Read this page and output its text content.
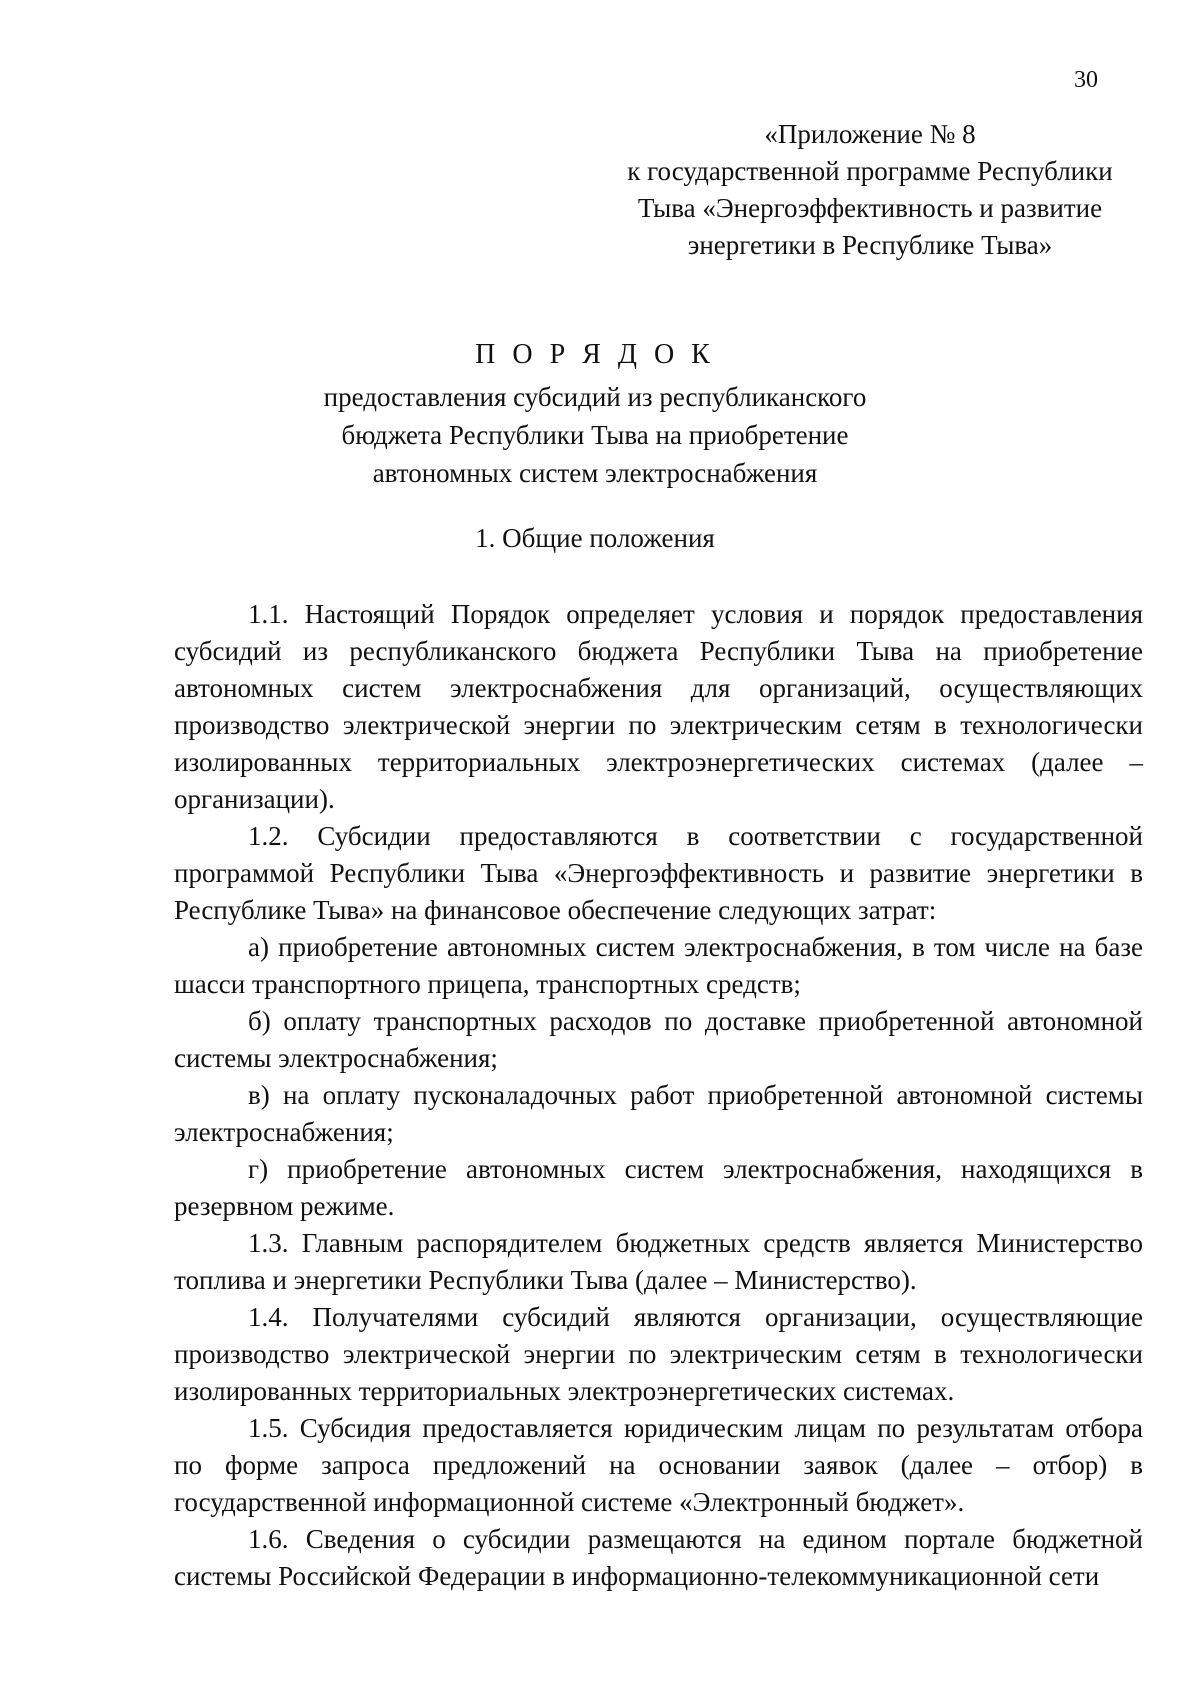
30
«Приложение № 8
к государственной программе Республики
Тыва «Энергоэффективность и развитие
энергетики в Республике Тыва»
П О Р Я Д О К
предоставления субсидий из республиканского
бюджета Республики Тыва на приобретение
автономных систем электроснабжения
1. Общие положения

1.1. Настоящий Порядок определяет условия и порядок предоставления субсидий из республиканского бюджета Республики Тыва на приобретение автономных систем электроснабжения для организаций, осуществляющих производство электрической энергии по электрическим сетям в технологически изолированных территориальных электроэнергетических системах (далее – организации).

1.2. Субсидии предоставляются в соответствии с государственной программой Республики Тыва «Энергоэффективность и развитие энергетики в Республике Тыва» на финансовое обеспечение следующих затрат:

а) приобретение автономных систем электроснабжения, в том числе на базе шасси транспортного прицепа, транспортных средств;

б) оплату транспортных расходов по доставке приобретенной автономной системы электроснабжения;

в) на оплату пусконаладочных работ приобретенной автономной системы электроснабжения;

г) приобретение автономных систем электроснабжения, находящихся в резервном режиме.

1.3. Главным распорядителем бюджетных средств является Министерство топлива и энергетики Республики Тыва (далее – Министерство).

1.4. Получателями субсидий являются организации, осуществляющие производство электрической энергии по электрическим сетям в технологически изолированных территориальных электроэнергетических системах.

1.5. Субсидия предоставляется юридическим лицам по результатам отбора по форме запроса предложений на основании заявок (далее – отбор) в государственной информационной системе «Электронный бюджет».

1.6. Сведения о субсидии размещаются на едином портале бюджетной системы Российской Федерации в информационно-телекоммуникационной сети
